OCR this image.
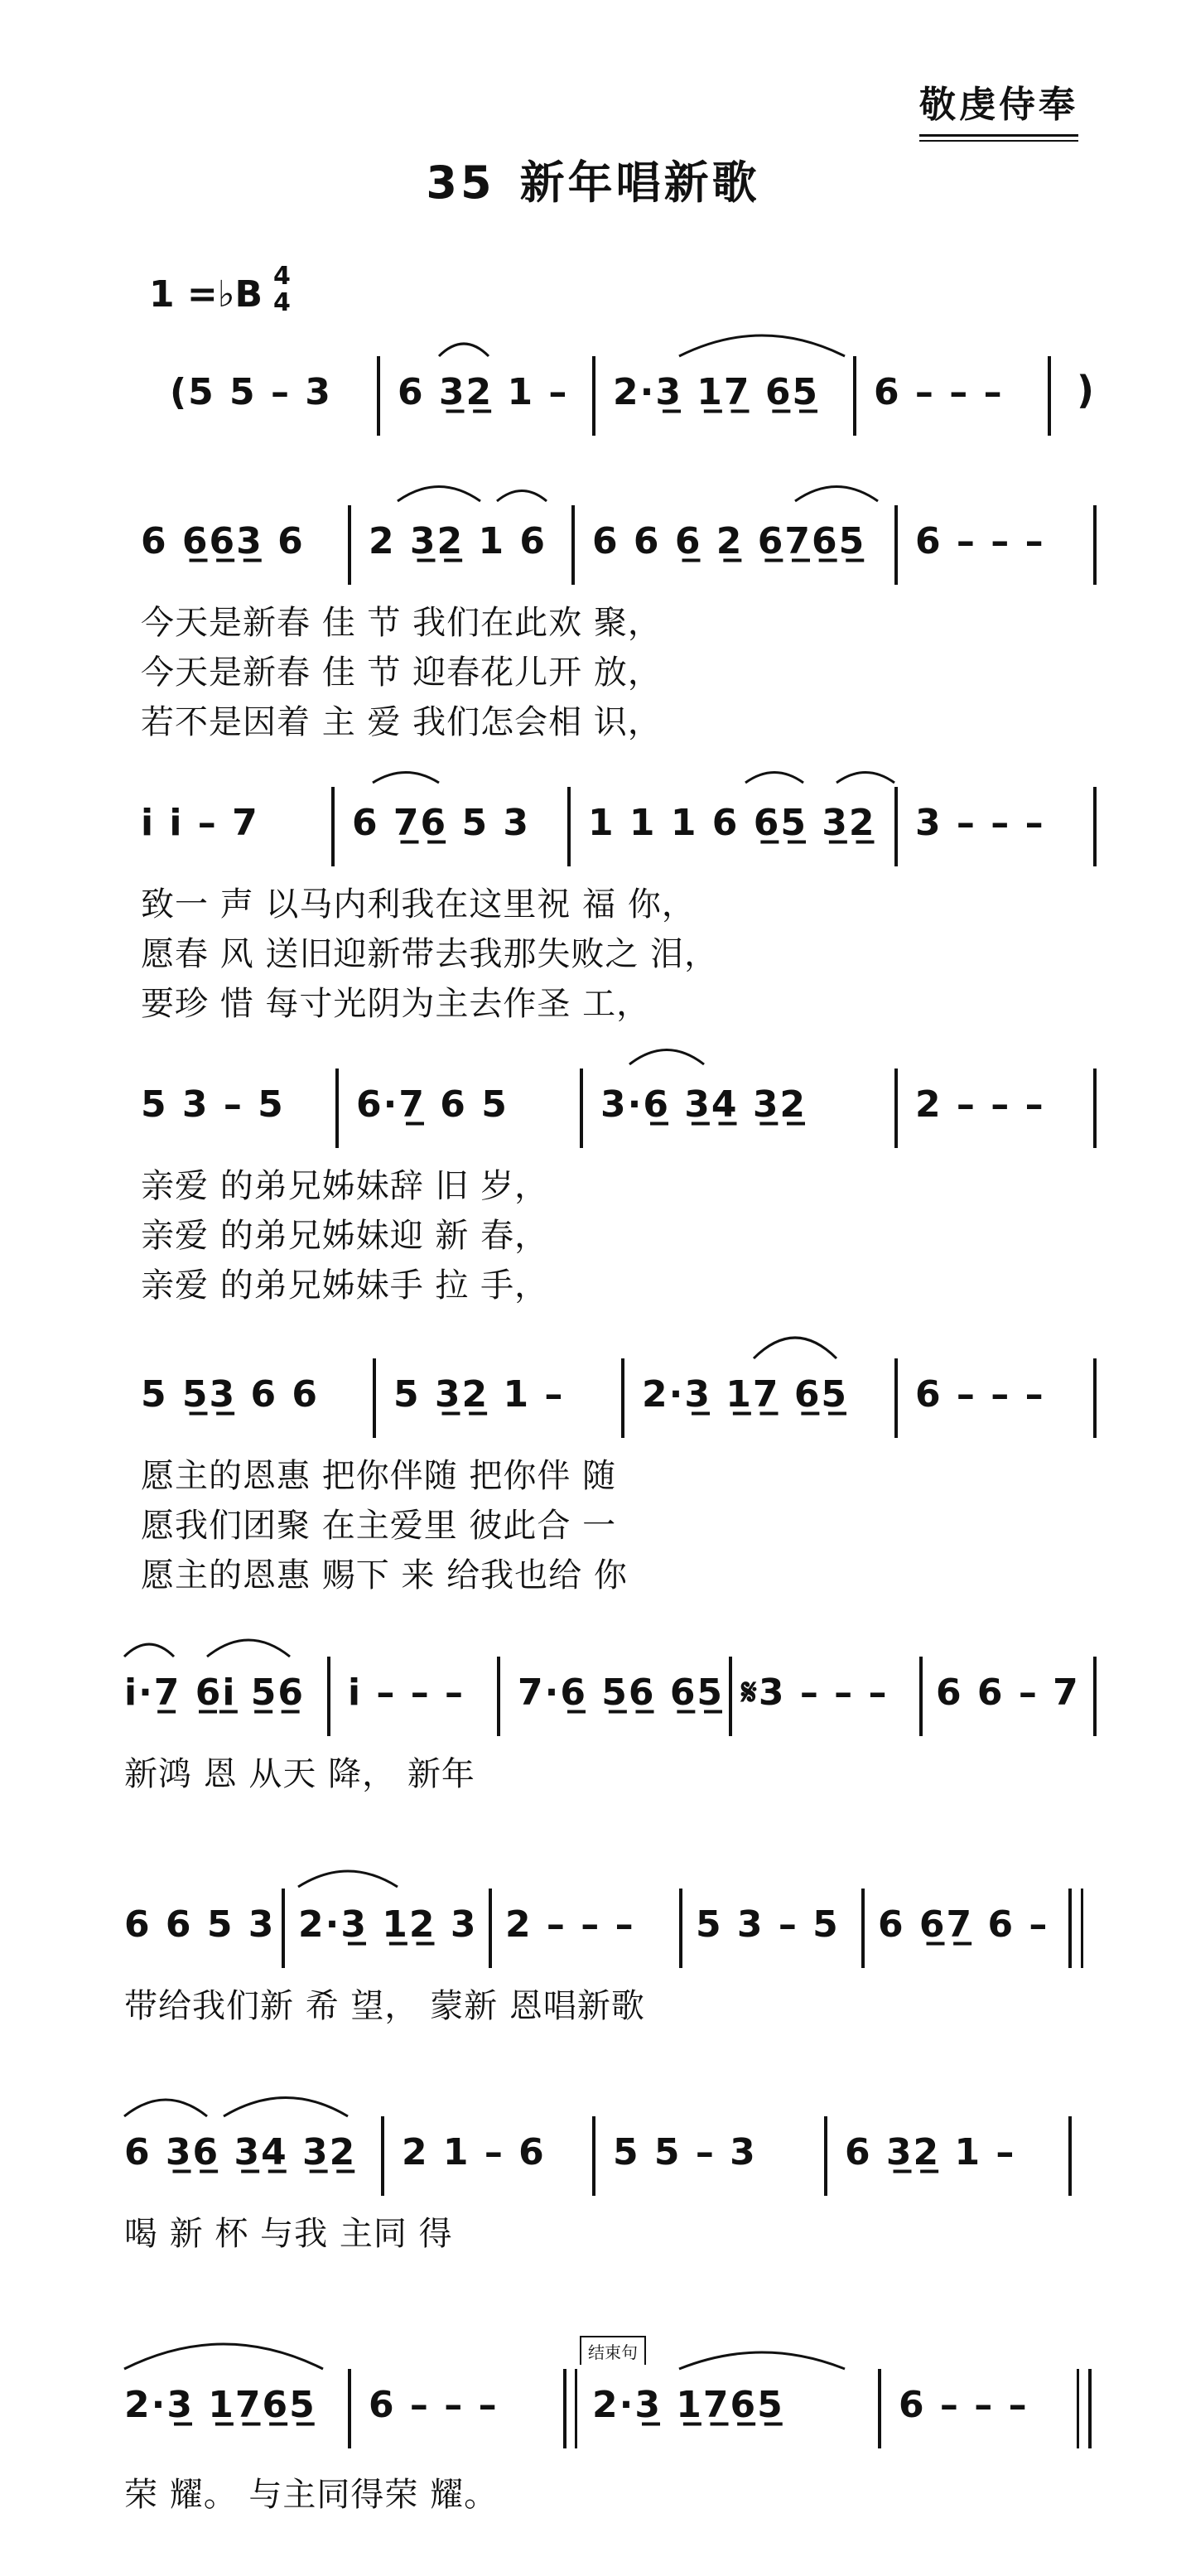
敬虔侍奉
35 新年唱新歌
1 =♭B 4
4
(5 5 – 3 6 3̲2̲ 1 – 2·3̲ 1̲7̲ 6̲5̲ 6 – – – )
6 6̲6̲3̲ 6 2 3̲2̲ 1 6 6 6 6̲ 2̲ 6̲7̲6̲5̲ 6 – – –
今天是新春 佳 节 我们在此欢 聚，
今天是新春 佳 节 迎春花儿开 放，
若不是因着 主 爱 我们怎会相 识，
i i – 7	6 7̲6̲ 5 3 1 1 1 6 6̲5̲ 3̲2̲ 3 – – –
致一 声 以马内利我在这里祝 福 你，
愿春 风 送旧迎新带去我那失败之 泪，
要珍 惜 每寸光阴为主去作圣 工，
5 3 – 5 6·7̲ 6 5	3·6̲ 3̲4̲ 3̲2̲	2 – – –
亲爱 的弟兄姊妹辞 旧 岁，
亲爱 的弟兄姊妹迎 新 春，
亲爱 的弟兄姊妹手 拉 手，
5 5̲3̲ 6 6 5 3̲2̲ 1 – 2·3̲ 1̲7̲ 6̲5̲ 6 – – –
愿主的恩惠 把你伴随 把你伴 随
愿我们团聚 在主爱里 彼此合 一
愿主的恩惠 赐下 来 给我也给 你
i·7̲ 6̲i̲ 5̲6̲ i – – – 7·6̲ 5̲6̲ 6̲5̲ 𝄋3 – – – 6 6 – 7
新鸿 恩 从天 降， 新年
6 6 5 3 2·3̲ 1̲2̲ 3 2 – – – 5 3 – 5 6 6̲7̲ 6 –
带给我们新 希 望， 蒙新 恩唱新歌
6 3̲6̲ 3̲4̲ 3̲2̲ 2 1 – 6 5 5 – 3 6 3̲2̲ 1 –
喝 新 杯 与我 主同 得
结束句
2·3̲ 1̲7̲6̲5̲ 6 – – –	2·3̲ 1̲7̲6̲5̲	6 – – –
荣 耀。 与主同得荣 耀。
